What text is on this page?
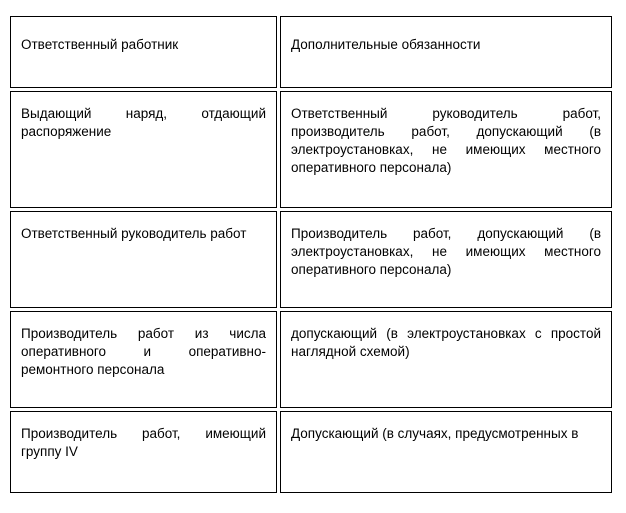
Ответственный работник	Дополнительные обязанности
Выдающий наряд, отдающий распоряжение	Ответственный руководитель работ, производитель работ, допускающий (в электроустановках, не имеющих местного оперативного персонала)
Ответственный руководитель работ	Производитель работ, допускающий (в электроустановках, не имеющих местного оперативного персонала)
Производитель работ из числа оперативного и оперативно-ремонтного персонала	допускающий (в электроустановках с простой наглядной схемой)
Производитель работ, имеющий группу IV	Допускающий (в случаях, предусмотренных в
